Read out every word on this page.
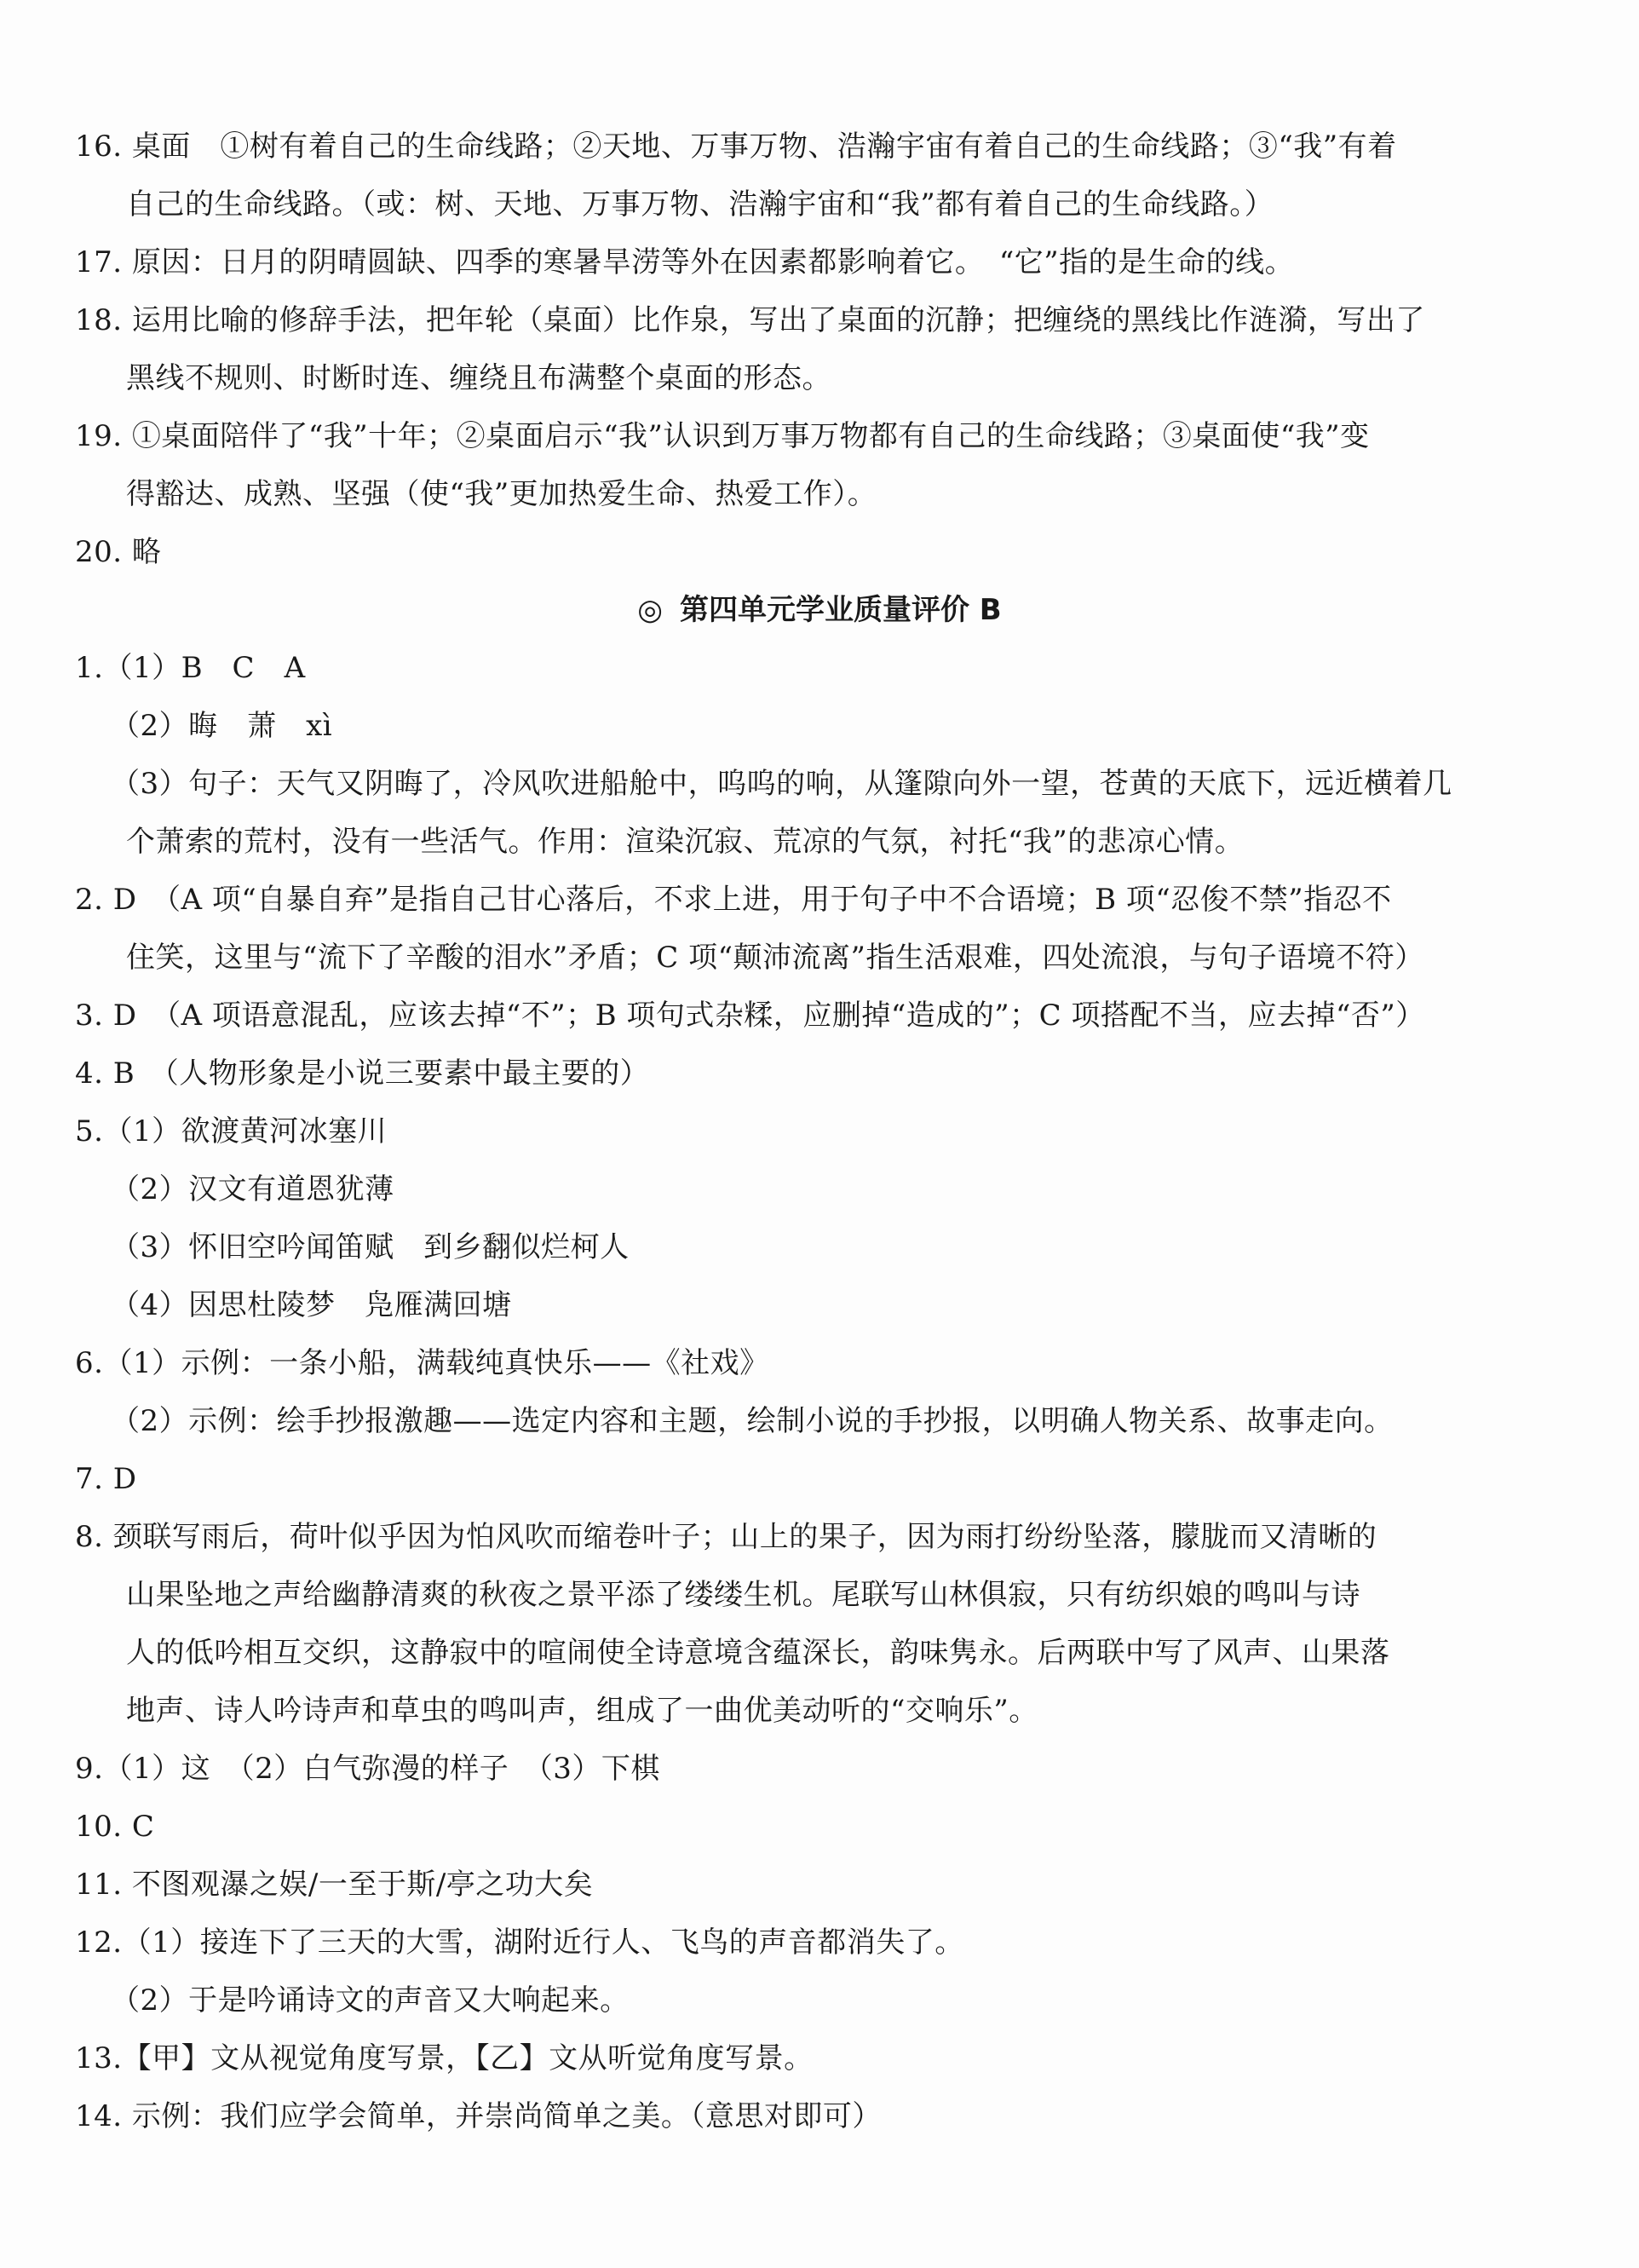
16. 桌面　①树有着自己的生命线路；②天地、万事万物、浩瀚宇宙有着自己的生命线路；③“我”有着
自己的生命线路。（或：树、天地、万事万物、浩瀚宇宙和“我”都有着自己的生命线路。）
17. 原因：日月的阴晴圆缺、四季的寒暑旱涝等外在因素都影响着它。　“它”指的是生命的线。
18. 运用比喻的修辞手法，把年轮（桌面）比作泉，写出了桌面的沉静；把缠绕的黑线比作涟漪，写出了
黑线不规则、时断时连、缠绕且布满整个桌面的形态。
19. ①桌面陪伴了“我”十年；②桌面启示“我”认识到万事万物都有自己的生命线路；③桌面使“我”变
得豁达、成熟、坚强（使“我”更加热爱生命、热爱工作）。
20. 略
◎ 第四单元学业质量评价 B
1.（1）B　C　A
（2）晦　萧　xì
（3）句子：天气又阴晦了，冷风吹进船舱中，呜呜的响，从篷隙向外一望，苍黄的天底下，远近横着几
个萧索的荒村，没有一些活气。作用：渲染沉寂、荒凉的气氛，衬托“我”的悲凉心情。
2. D　（A 项“自暴自弃”是指自己甘心落后，不求上进，用于句子中不合语境；B 项“忍俊不禁”指忍不
住笑，这里与“流下了辛酸的泪水”矛盾；C 项“颠沛流离”指生活艰难，四处流浪，与句子语境不符）
3. D　（A 项语意混乱，应该去掉“不”；B 项句式杂糅，应删掉“造成的”；C 项搭配不当，应去掉“否”）
4. B　（人物形象是小说三要素中最主要的）
5.（1）欲渡黄河冰塞川
（2）汉文有道恩犹薄
（3）怀旧空吟闻笛赋　到乡翻似烂柯人
（4）因思杜陵梦　凫雁满回塘
6.（1）示例：一条小船，满载纯真快乐——《社戏》
（2）示例：绘手抄报激趣——选定内容和主题，绘制小说的手抄报，以明确人物关系、故事走向。
7. D
8. 颈联写雨后，荷叶似乎因为怕风吹而缩卷叶子；山上的果子，因为雨打纷纷坠落，朦胧而又清晰的
山果坠地之声给幽静清爽的秋夜之景平添了缕缕生机。尾联写山林俱寂，只有纺织娘的鸣叫与诗
人的低吟相互交织，这静寂中的喧闹使全诗意境含蕴深长，韵味隽永。后两联中写了风声、山果落
地声、诗人吟诗声和草虫的鸣叫声，组成了一曲优美动听的“交响乐”。
9.（1）这　（2）白气弥漫的样子　（3）下棋
10. C
11. 不图观瀑之娱/一至于斯/亭之功大矣
12.（1）接连下了三天的大雪，湖附近行人、飞鸟的声音都消失了。
（2）于是吟诵诗文的声音又大响起来。
13.【甲】文从视觉角度写景，【乙】文从听觉角度写景。
14. 示例：我们应学会简单，并崇尚简单之美。（意思对即可）
